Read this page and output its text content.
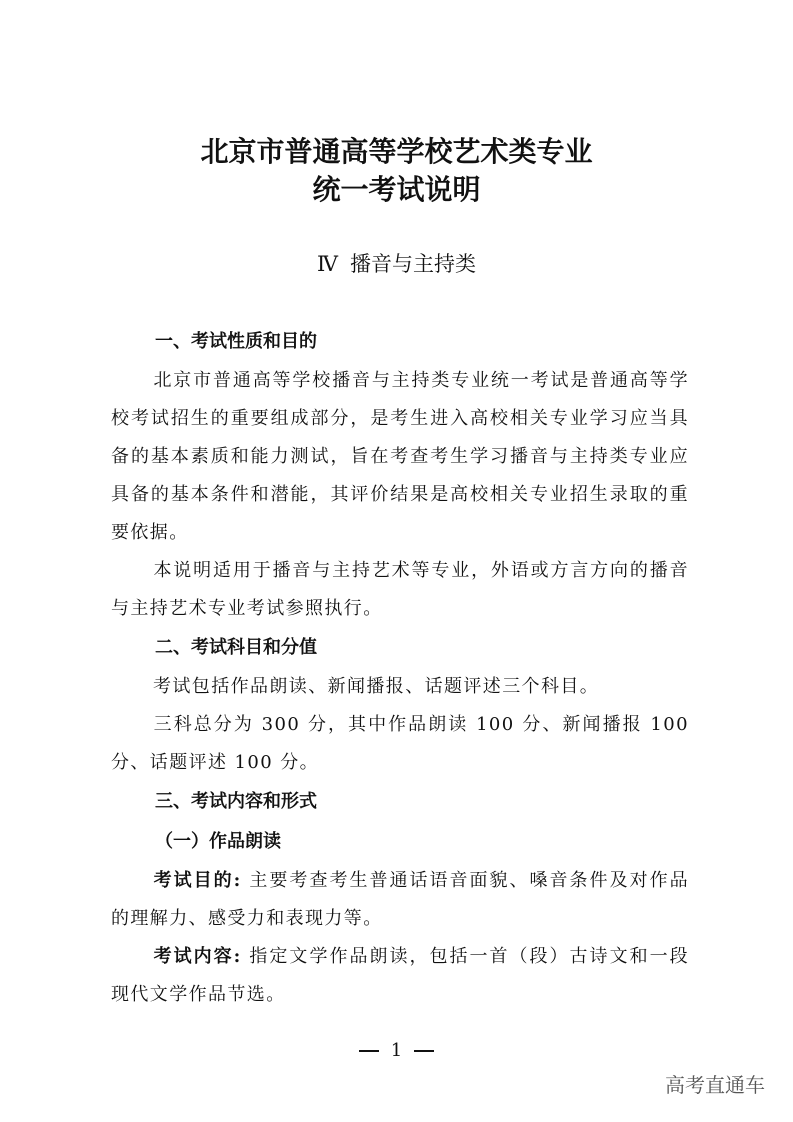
北京市普通高等学校艺术类专业
统一考试说明
Ⅳ 播音与主持类
一、考试性质和目的
北京市普通高等学校播音与主持类专业统一考试是普通高等学校考试招生的重要组成部分，是考生进入高校相关专业学习应当具备的基本素质和能力测试，旨在考查考生学习播音与主持类专业应具备的基本条件和潜能，其评价结果是高校相关专业招生录取的重要依据。
本说明适用于播音与主持艺术等专业，外语或方言方向的播音与主持艺术专业考试参照执行。
二、考试科目和分值
考试包括作品朗读、新闻播报、话题评述三个科目。
三科总分为 300 分，其中作品朗读 100 分、新闻播报 100 分、话题评述 100 分。
三、考试内容和形式
（一）作品朗读
考试目的: 主要考查考生普通话语音面貌、嗓音条件及对作品的理解力、感受力和表现力等。
考试内容: 指定文学作品朗读，包括一首（段）古诗文和一段现代文学作品节选。
1
高考直通车
